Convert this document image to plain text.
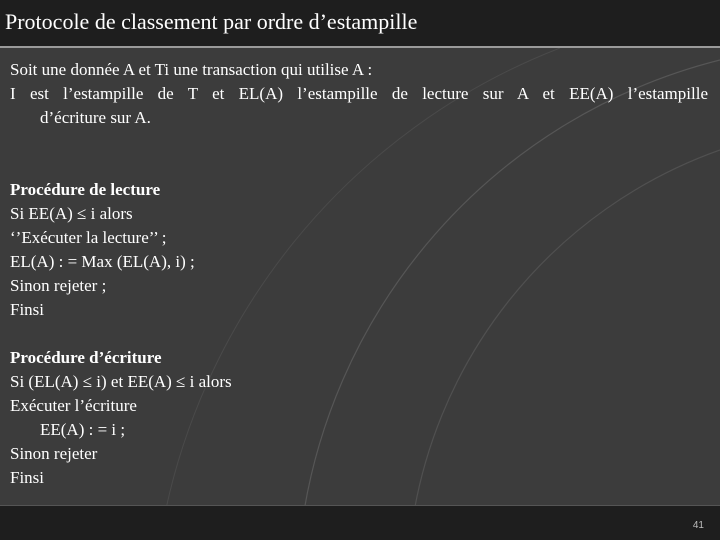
Protocole de classement par ordre d’estampille
Soit une donnée A et Ti une transaction qui utilise A :
I est l’estampille de T et EL(A) l’estampille de lecture sur A et EE(A) l’estampille
d’écriture sur A.
Procédure de lecture
Si EE(A) ≤ i alors
‘’Exécuter la lecture’’ ;
EL(A) : = Max (EL(A), i) ;
Sinon rejeter ;
Finsi
Procédure d’écriture
Si (EL(A) ≤ i) et EE(A) ≤ i alors
Exécuter l’écriture
EE(A) : = i ;
Sinon rejeter
Finsi
41
